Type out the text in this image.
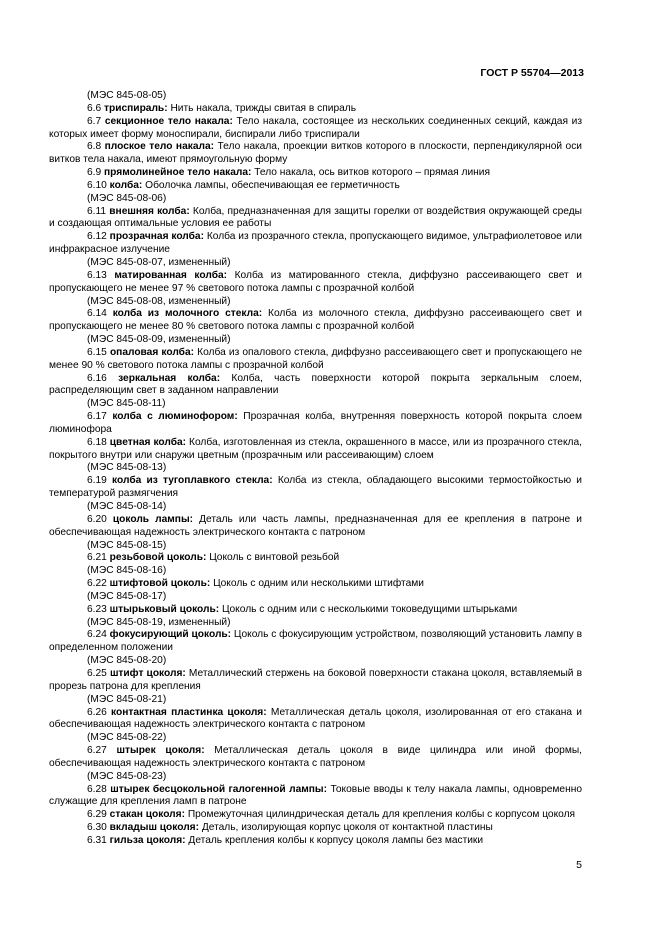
ГОСТ Р 55704—2013

(МЭС 845-08-05)

6.6 триспираль: Нить накала, трижды свитая в спираль

6.7 секционное тело накала: Тело накала, состоящее из нескольких соединенных секций, каждая из которых имеет форму моноспирали, биспирали либо триспирали

6.8 плоское тело накала: Тело накала, проекции витков которого в плоскости, перпендикулярной оси витков тела накала, имеют прямоугольную форму

6.9 прямолинейное тело накала: Тело накала, ось витков которого – прямая линия

6.10 колба: Оболочка лампы, обеспечивающая ее герметичность

(МЭС 845-08-06)

6.11 внешняя колба: Колба, предназначенная для защиты горелки от воздействия окружающей среды и создающая оптимальные условия ее работы

6.12 прозрачная колба: Колба из прозрачного стекла, пропускающего видимое, ультрафиолетовое или инфракрасное излучение

(МЭС 845-08-07, измененный)

6.13 матированная колба: Колба из матированного стекла, диффузно рассеивающего свет и пропускающего не менее 97 % светового потока лампы с прозрачной колбой

(МЭС 845-08-08, измененный)

6.14 колба из молочного стекла: Колба из молочного стекла, диффузно рассеивающего свет и пропускающего не менее 80 % светового потока лампы с прозрачной колбой

(МЭС 845-08-09, измененный)

6.15 опаловая колба: Колба из опалового стекла, диффузно рассеивающего свет и пропускающего не менее 90 % светового потока лампы с прозрачной колбой

6.16 зеркальная колба: Колба, часть поверхности которой покрыта зеркальным слоем, распределяющим свет в заданном направлении

(МЭС 845-08-11)

6.17 колба с люминофором: Прозрачная колба, внутренняя поверхность которой покрыта слоем люминофора

6.18 цветная колба: Колба, изготовленная из стекла, окрашенного в массе, или из прозрачного стекла, покрытого внутри или снаружи цветным (прозрачным или рассеивающим) слоем

(МЭС 845-08-13)

6.19 колба из тугоплавкого стекла: Колба из стекла, обладающего высокими термостойкостью и температурой размягчения

(МЭС 845-08-14)

6.20 цоколь лампы: Деталь или часть лампы, предназначенная для ее крепления в патроне и обеспечивающая надежность электрического контакта с патроном

(МЭС 845-08-15)

6.21 резьбовой цоколь: Цоколь с винтовой резьбой

(МЭС 845-08-16)

6.22 штифтовой цоколь: Цоколь с одним или несколькими штифтами

(МЭС 845-08-17)

6.23 штырьковый цоколь: Цоколь с одним или с несколькими токоведущими штырьками

(МЭС 845-08-19, измененный)

6.24 фокусирующий цоколь: Цоколь с фокусирующим устройством, позволяющий установить лампу в определенном положении

(МЭС 845-08-20)

6.25 штифт цоколя: Металлический стержень на боковой поверхности стакана цоколя, вставляемый в прорезь патрона для крепления

(МЭС 845-08-21)

6.26 контактная пластинка цоколя: Металлическая деталь цоколя, изолированная от его стакана и обеспечивающая надежность электрического контакта с патроном

(МЭС 845-08-22)

6.27 штырек цоколя: Металлическая деталь цоколя в виде цилиндра или иной формы, обеспечивающая надежность электрического контакта с патроном

(МЭС 845-08-23)

6.28 штырек бесцокольной галогенной лампы: Токовые вводы к телу накала лампы, одновременно служащие для крепления ламп в патроне

6.29 стакан цоколя: Промежуточная цилиндрическая деталь для крепления колбы с корпусом цоколя

6.30 вкладыш цоколя: Деталь, изолирующая корпус цоколя от контактной пластины

6.31 гильза цоколя: Деталь крепления колбы к корпусу цоколя лампы без мастики

5
